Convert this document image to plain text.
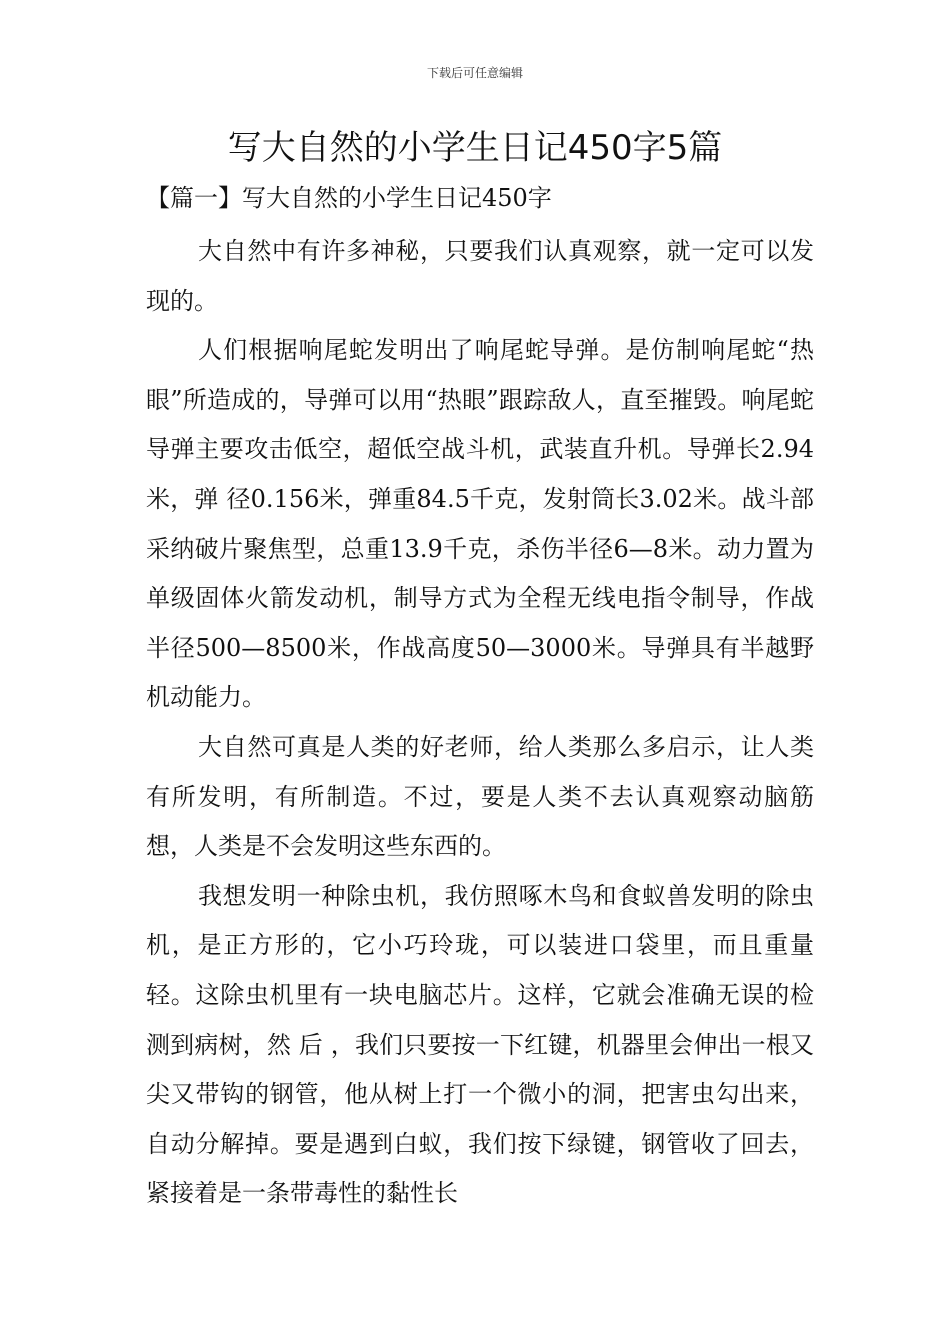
下载后可任意编辑
写大自然的小学生日记450字5篇
【篇一】写大自然的小学生日记450字

大自然中有许多神秘，只要我们认真观察，就一定可以发现的。

人们根据响尾蛇发明出了响尾蛇导弹。是仿制响尾蛇“热眼”所造成的，导弹可以用“热眼”跟踪敌人，直至摧毁。响尾蛇导弹主要攻击低空，超低空战斗机，武装直升机。导弹长2.94米，弹 径0.156米，弹重84.5千克，发射筒长3.02米。战斗部采纳破片聚焦型，总重13.9千克，杀伤半径6—8米。动力置为单级固体火箭发动机，制导方式为全程无线电指令制导，作战半径500—8500米，作战高度50—3000米。导弹具有半越野机动能力。

大自然可真是人类的好老师，给人类那么多启示，让人类有所发明，有所制造。不过，要是人类不去认真观察动脑筋想，人类是不会发明这些东西的。

我想发明一种除虫机，我仿照啄木鸟和食蚁兽发明的除虫机，是正方形的，它小巧玲珑，可以装进口袋里，而且重量轻。这除虫机里有一块电脑芯片。这样，它就会准确无误的检测到病树，然 后 ，我们只要按一下红键，机器里会伸出一根又尖又带钩的钢管，他从树上打一个微小的洞，把害虫勾出来，自动分解掉。要是遇到白蚁，我们按下绿键，钢管收了回去，紧接着是一条带毒性的黏性长
